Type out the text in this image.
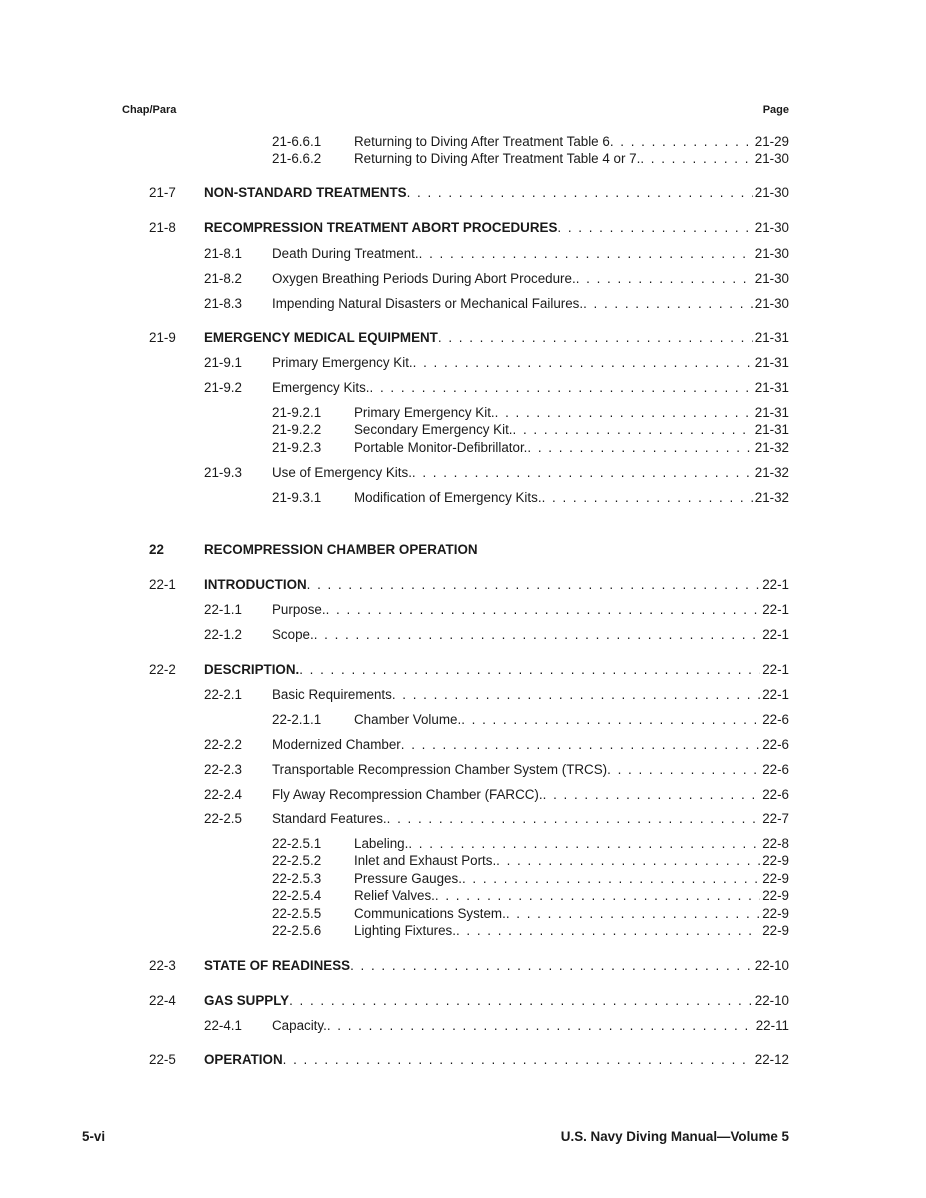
Chap/Para	Page
21-6.6.1 Returning to Diving After Treatment Table 6 . . .	21-29
21-6.6.2 Returning to Diving After Treatment Table 4 or 7. . . .	21-30
21-7 NON-STANDARD TREATMENTS . . .	21-30
21-8 RECOMPRESSION TREATMENT ABORT PROCEDURES . . .	21-30
21-8.1 Death During Treatment. . . .	21-30
21-8.2 Oxygen Breathing Periods During Abort Procedure. . . .	21-30
21-8.3 Impending Natural Disasters or Mechanical Failures. . . .	21-30
21-9 EMERGENCY MEDICAL EQUIPMENT . . .	21-31
21-9.1 Primary Emergency Kit. . . .	21-31
21-9.2 Emergency Kits. . . .	21-31
21-9.2.1 Primary Emergency Kit. . . .	21-31
21-9.2.2 Secondary Emergency Kit. . . .	21-31
21-9.2.3 Portable Monitor-Defibrillator. . . .	21-32
21-9.3 Use of Emergency Kits. . . .	21-32
21-9.3.1 Modification of Emergency Kits. . . .	21-32
22	RECOMPRESSION CHAMBER OPERATION
22-1 INTRODUCTION . . .	22-1
22-1.1 Purpose. . . .	22-1
22-1.2 Scope. . . .	22-1
22-2 DESCRIPTION. . . .	22-1
22-2.1 Basic Requirements . . .	22-1
22-2.1.1 Chamber Volume. . . .	22-6
22-2.2 Modernized Chamber . . .	22-6
22-2.3 Transportable Recompression Chamber System (TRCS) . . .	22-6
22-2.4 Fly Away Recompression Chamber (FARCC). . . .	22-6
22-2.5 Standard Features. . . .	22-7
22-2.5.1 Labeling. . . .	22-8
22-2.5.2 Inlet and Exhaust Ports. . . .	22-9
22-2.5.3 Pressure Gauges. . . .	22-9
22-2.5.4 Relief Valves. . . .	22-9
22-2.5.5 Communications System. . . .	22-9
22-2.5.6 Lighting Fixtures. . . .	22-9
22-3 STATE OF READINESS . . .	22-10
22-4 GAS SUPPLY . . .	22-10
22-4.1 Capacity. . . .	22-11
22-5 OPERATION . . .	22-12
5-vi	U.S. Navy Diving Manual—Volume 5
